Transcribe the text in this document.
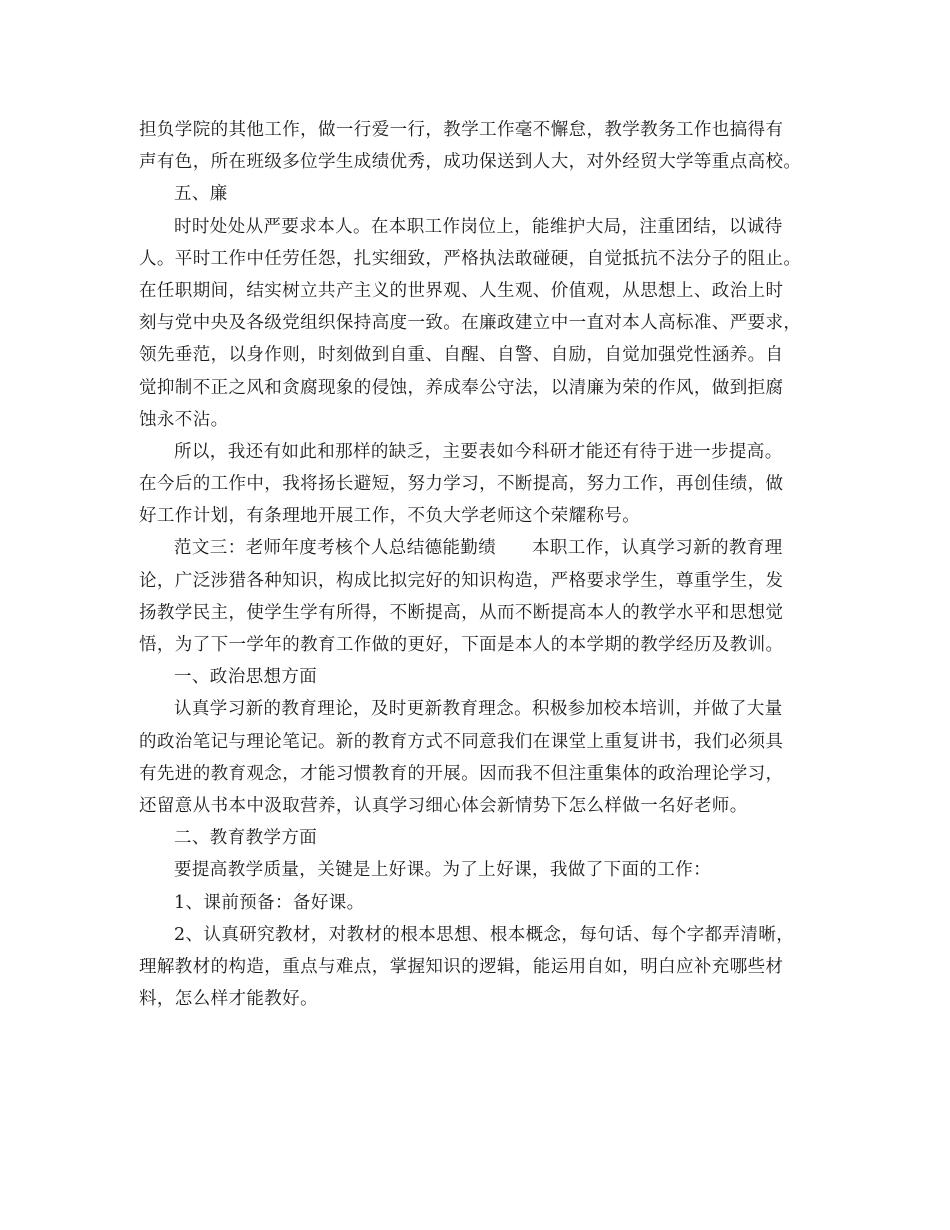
担负学院的其他工作，做一行爱一行，教学工作毫不懈怠，教学教务工作也搞得有
声有色，所在班级多位学生成绩优秀，成功保送到人大，对外经贸大学等重点高校。
五、廉
时时处处从严要求本人。在本职工作岗位上，能维护大局，注重团结，以诚待
人。平时工作中任劳任怨，扎实细致，严格执法敢碰硬，自觉抵抗不法分子的阻止。
在任职期间，结实树立共产主义的世界观、人生观、价值观，从思想上、政治上时
刻与党中央及各级党组织保持高度一致。在廉政建立中一直对本人高标准、严要求，
领先垂范，以身作则，时刻做到自重、自醒、自警、自励，自觉加强党性涵养。自
觉抑制不正之风和贪腐现象的侵蚀，养成奉公守法，以清廉为荣的作风，做到拒腐
蚀永不沾。
所以，我还有如此和那样的缺乏，主要表如今科研才能还有待于进一步提高。
在今后的工作中，我将扬长避短，努力学习，不断提高，努力工作，再创佳绩，做
好工作计划，有条理地开展工作，不负大学老师这个荣耀称号。
范文三：老师年度考核个人总结德能勤绩　　本职工作，认真学习新的教育理
论，广泛涉猎各种知识，构成比拟完好的知识构造，严格要求学生，尊重学生，发
扬教学民主，使学生学有所得，不断提高，从而不断提高本人的教学水平和思想觉
悟，为了下一学年的教育工作做的更好，下面是本人的本学期的教学经历及教训。
一、政治思想方面
认真学习新的教育理论，及时更新教育理念。积极参加校本培训，并做了大量
的政治笔记与理论笔记。新的教育方式不同意我们在课堂上重复讲书，我们必须具
有先进的教育观念，才能习惯教育的开展。因而我不但注重集体的政治理论学习，
还留意从书本中汲取营养，认真学习细心体会新情势下怎么样做一名好老师。
二、教育教学方面
要提高教学质量，关键是上好课。为了上好课，我做了下面的工作：
1、课前预备：备好课。
2、认真研究教材，对教材的根本思想、根本概念，每句话、每个字都弄清晰，
理解教材的构造，重点与难点，掌握知识的逻辑，能运用自如，明白应补充哪些材
料，怎么样才能教好。
